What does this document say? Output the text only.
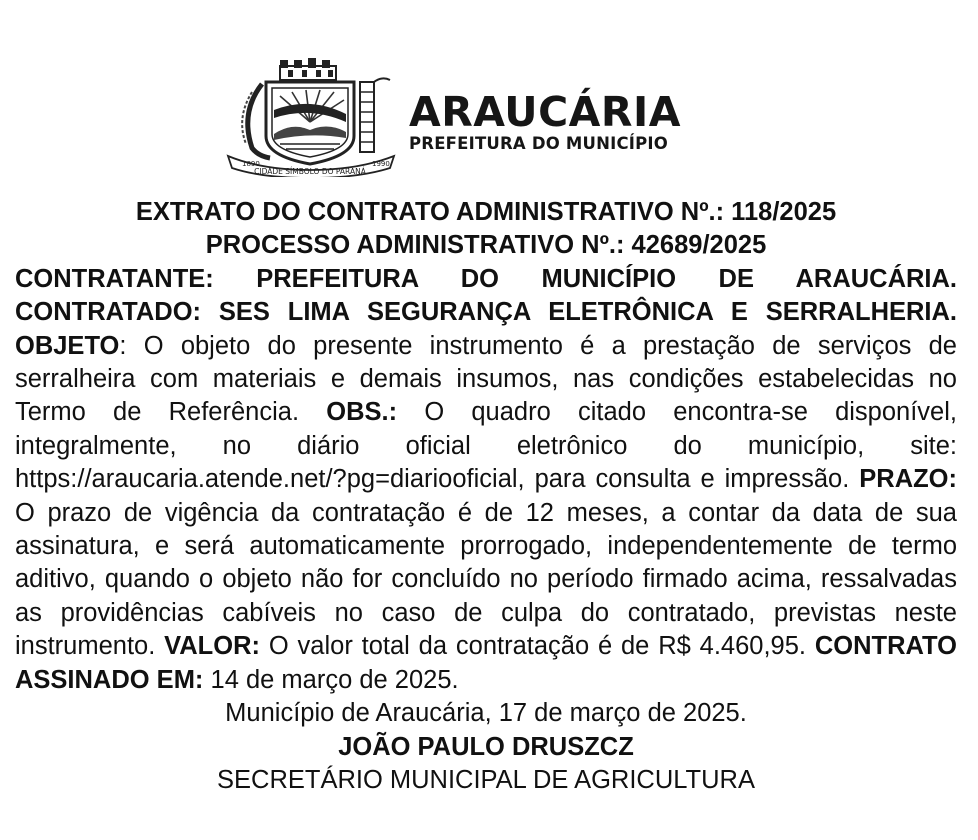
1890
CIDADE SÍMBOLO DO PARANÁ
1990
ARAUCÁRIA
PREFEITURA DO MUNICÍPIO
EXTRATO DO CONTRATO ADMINISTRATIVO Nº.: 118/2025
PROCESSO ADMINISTRATIVO Nº.: 42689/2025

CONTRATANTE: PREFEITURA DO MUNICÍPIO DE ARAUCÁRIA. CONTRATADO: SES LIMA SEGURANÇA ELETRÔNICA E SERRALHERIA. OBJETO: O objeto do presente instrumento é a prestação de serviços de serralheira com materiais e demais insumos, nas condições estabelecidas no Termo de Referência. OBS.: O quadro citado encontra-se disponível, integralmente, no diário oficial eletrônico do município, site: https://araucaria.atende.net/?pg=diariooficial, para consulta e impressão. PRAZO: O prazo de vigência da contratação é de 12 meses, a contar da data de sua assinatura, e será automaticamente prorrogado, independentemente de termo aditivo, quando o objeto não for concluído no período firmado acima, ressalvadas as providências cabíveis no caso de culpa do contratado, previstas neste instrumento. VALOR: O valor total da contratação é de R$ 4.460,95. CONTRATO ASSINADO EM: 14 de março de 2025.

Município de Araucária, 17 de março de 2025.
JOÃO PAULO DRUSZCZ
SECRETÁRIO MUNICIPAL DE AGRICULTURA
